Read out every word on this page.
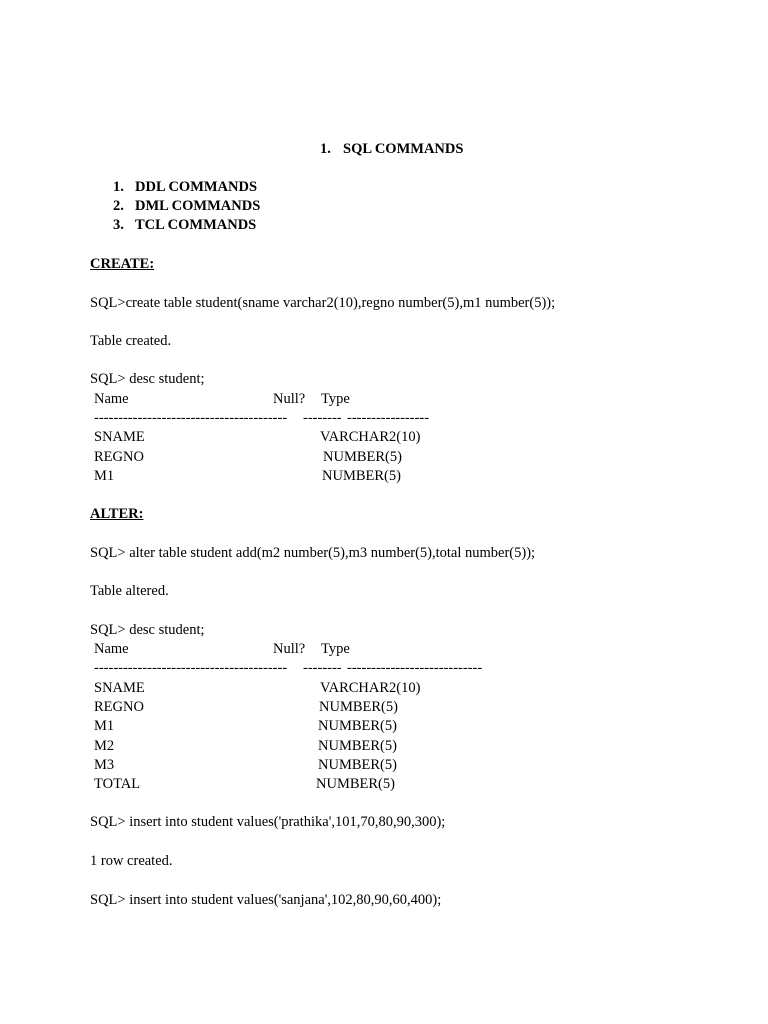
1. SQL COMMANDS
1. DDL COMMANDS
2. DML COMMANDS
3. TCL COMMANDS
CREATE:
SQL>create table student(sname varchar2(10),regno number(5),m1 number(5));
Table created.
SQL> desc student;
Name	Null? Type
---------------------------------------- -------- -----------------
SNAME	VARCHAR2(10)
REGNO	NUMBER(5)
M1	NUMBER(5)
ALTER:
SQL> alter table student add(m2 number(5),m3 number(5),total number(5));
Table altered.
SQL> desc student;
Name	Null? Type
---------------------------------------- -------- ----------------------------
SNAME	VARCHAR2(10)
REGNO	NUMBER(5)
M1	NUMBER(5)
M2	NUMBER(5)
M3	NUMBER(5)
TOTAL	NUMBER(5)
SQL> insert into student values('prathika',101,70,80,90,300);
1 row created.
SQL> insert into student values('sanjana',102,80,90,60,400);
